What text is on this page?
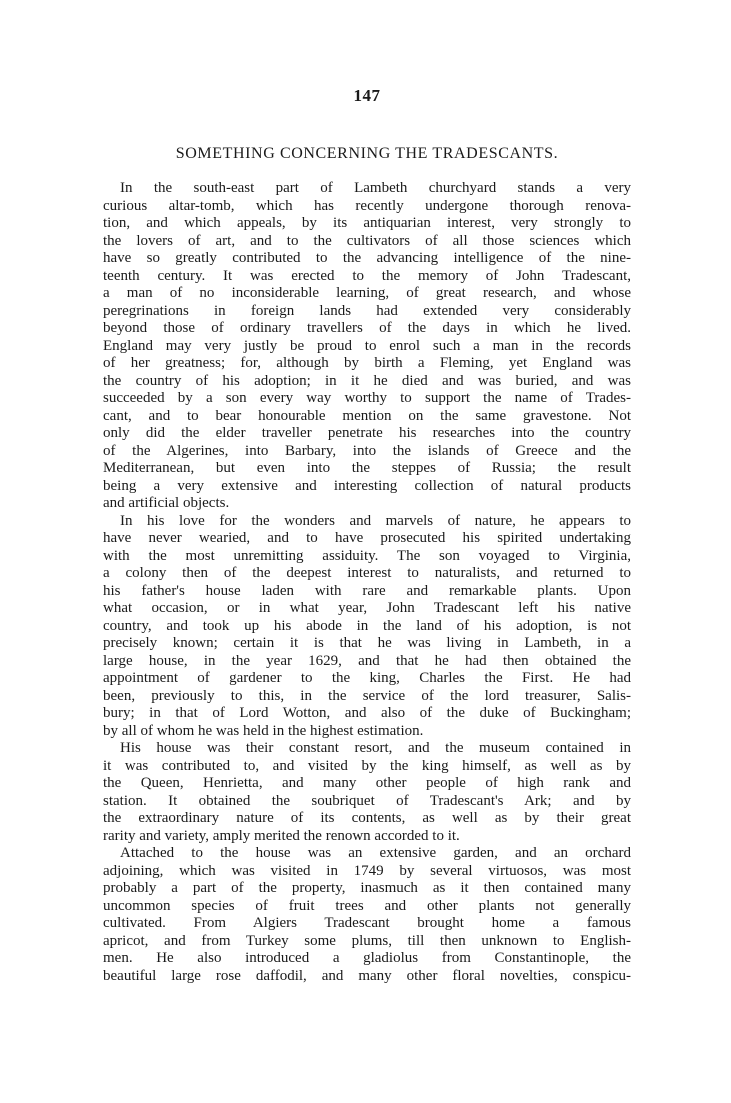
147
SOMETHING CONCERNING THE TRADESCANTS.
In the south-east part of Lambeth churchyard stands a very
curious altar-tomb, which has recently undergone thorough renova-
tion, and which appeals, by its antiquarian interest, very strongly to
the lovers of art, and to the cultivators of all those sciences which
have so greatly contributed to the advancing intelligence of the nine-
teenth century. It was erected to the memory of John Tradescant,
a man of no inconsiderable learning, of great research, and whose
peregrinations in foreign lands had extended very considerably
beyond those of ordinary travellers of the days in which he lived.
England may very justly be proud to enrol such a man in the records
of her greatness; for, although by birth a Fleming, yet England was
the country of his adoption; in it he died and was buried, and was
succeeded by a son every way worthy to support the name of Trades-
cant, and to bear honourable mention on the same gravestone. Not
only did the elder traveller penetrate his researches into the country
of the Algerines, into Barbary, into the islands of Greece and the
Mediterranean, but even into the steppes of Russia; the result
being a very extensive and interesting collection of natural products
and artificial objects.
In his love for the wonders and marvels of nature, he appears to
have never wearied, and to have prosecuted his spirited undertaking
with the most unremitting assiduity. The son voyaged to Virginia,
a colony then of the deepest interest to naturalists, and returned to
his father's house laden with rare and remarkable plants. Upon
what occasion, or in what year, John Tradescant left his native
country, and took up his abode in the land of his adoption, is not
precisely known; certain it is that he was living in Lambeth, in a
large house, in the year 1629, and that he had then obtained the
appointment of gardener to the king, Charles the First. He had
been, previously to this, in the service of the lord treasurer, Salis-
bury; in that of Lord Wotton, and also of the duke of Buckingham;
by all of whom he was held in the highest estimation.
His house was their constant resort, and the museum contained in
it was contributed to, and visited by the king himself, as well as by
the Queen, Henrietta, and many other people of high rank and
station. It obtained the soubriquet of Tradescant's Ark; and by
the extraordinary nature of its contents, as well as by their great
rarity and variety, amply merited the renown accorded to it.
Attached to the house was an extensive garden, and an orchard
adjoining, which was visited in 1749 by several virtuosos, was most
probably a part of the property, inasmuch as it then contained many
uncommon species of fruit trees and other plants not generally
cultivated. From Algiers Tradescant brought home a famous
apricot, and from Turkey some plums, till then unknown to English-
men. He also introduced a gladiolus from Constantinople, the
beautiful large rose daffodil, and many other floral novelties, conspicu-
